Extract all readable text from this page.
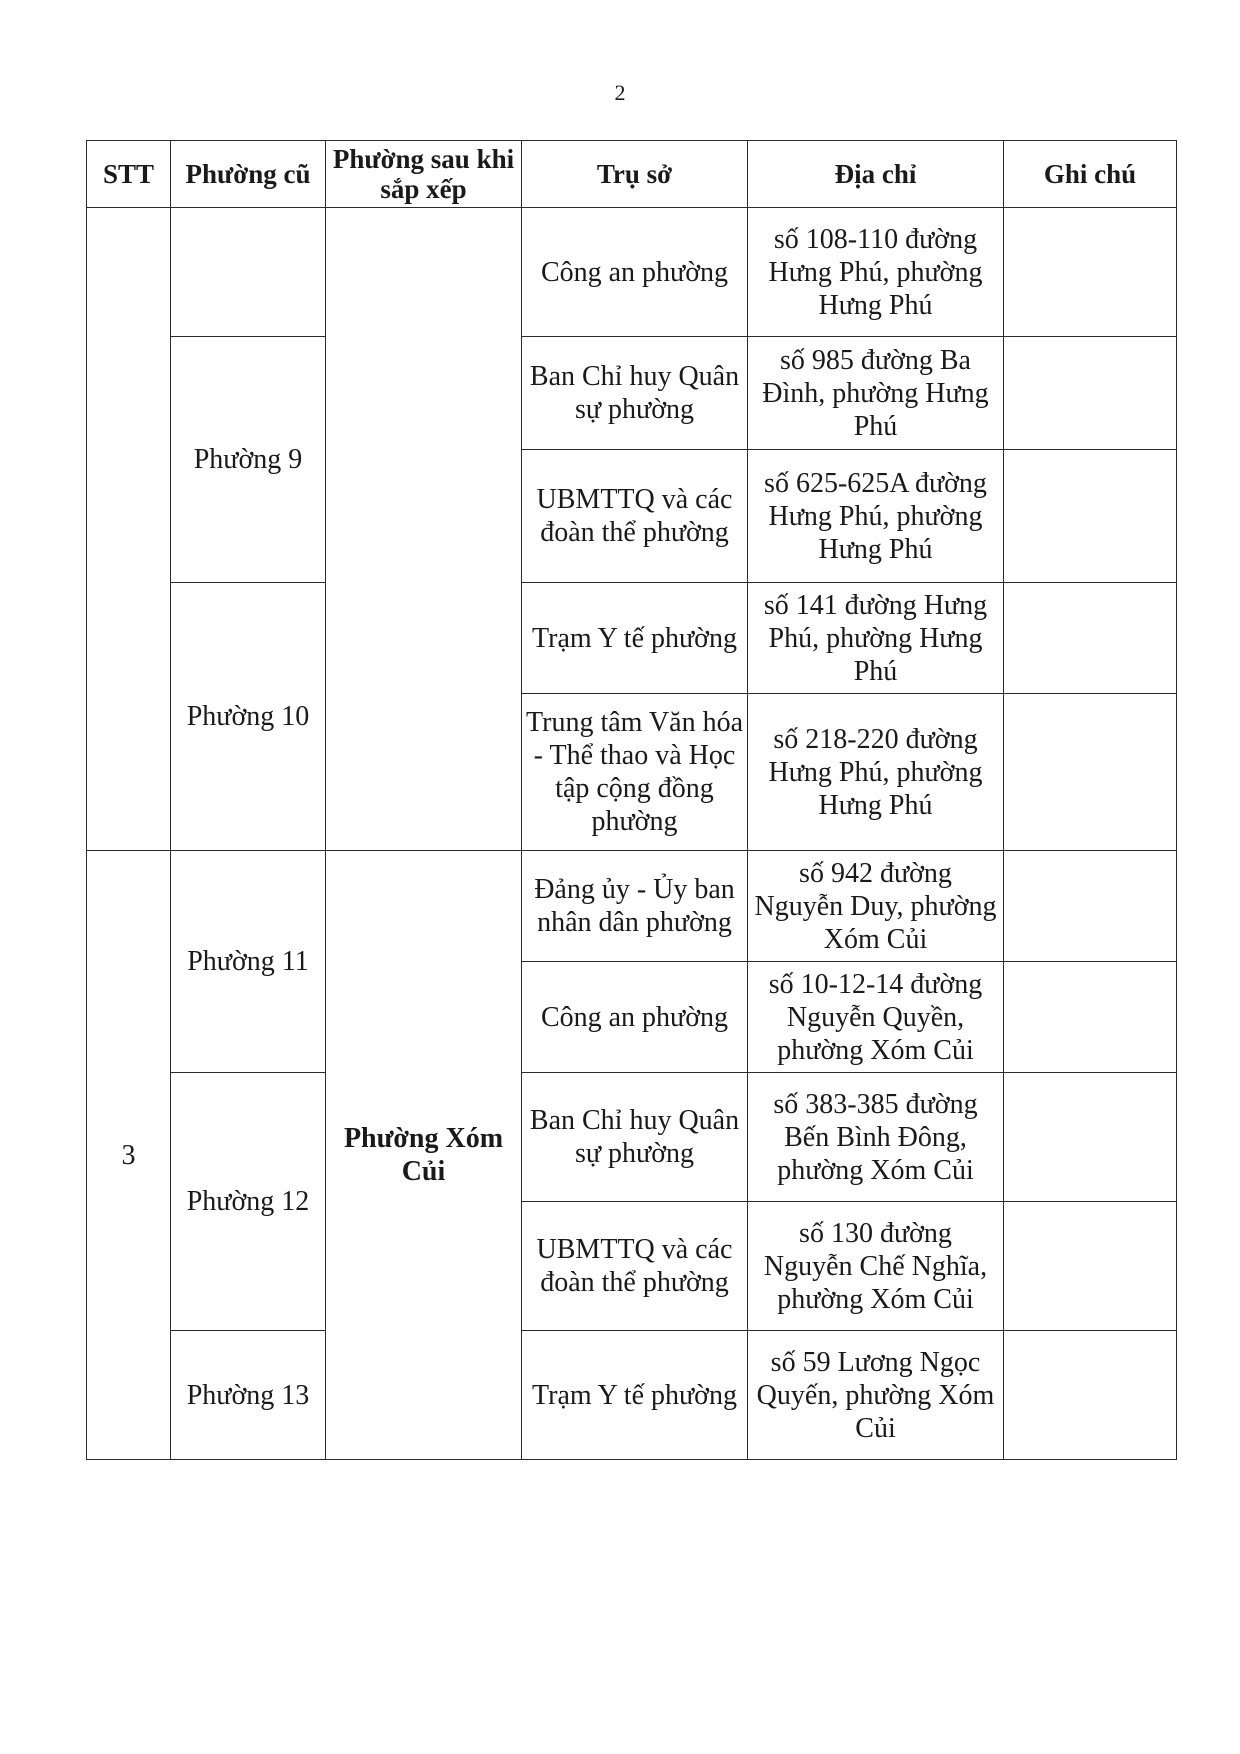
2
STT	Phường cũ	Phường sau khi sắp xếp	Trụ sở	Địa chỉ	Ghi chú
			Công an phường	số 108-110 đường Hưng Phú, phường Hưng Phú	
	Phường 9		Ban Chỉ huy Quân sự phường	số 985 đường Ba Đình, phường Hưng Phú	
			UBMTTQ và các đoàn thể phường	số 625-625A đường Hưng Phú, phường Hưng Phú	
	Phường 10		Trạm Y tế phường	số 141 đường Hưng Phú, phường Hưng Phú	
			Trung tâm Văn hóa - Thể thao và Học tập cộng đồng phường	số 218-220 đường Hưng Phú, phường Hưng Phú	
3	Phường 11	Phường Xóm Củi	Đảng ủy - Ủy ban nhân dân phường	số 942 đường Nguyễn Duy, phường Xóm Củi	
			Công an phường	số 10-12-14 đường Nguyễn Quyền, phường Xóm Củi	
	Phường 12		Ban Chỉ huy Quân sự phường	số 383-385 đường Bến Bình Đông, phường Xóm Củi	
			UBMTTQ và các đoàn thể phường	số 130 đường Nguyễn Chế Nghĩa, phường Xóm Củi	
	Phường 13		Trạm Y tế phường	số 59 Lương Ngọc Quyến, phường Xóm Củi	
